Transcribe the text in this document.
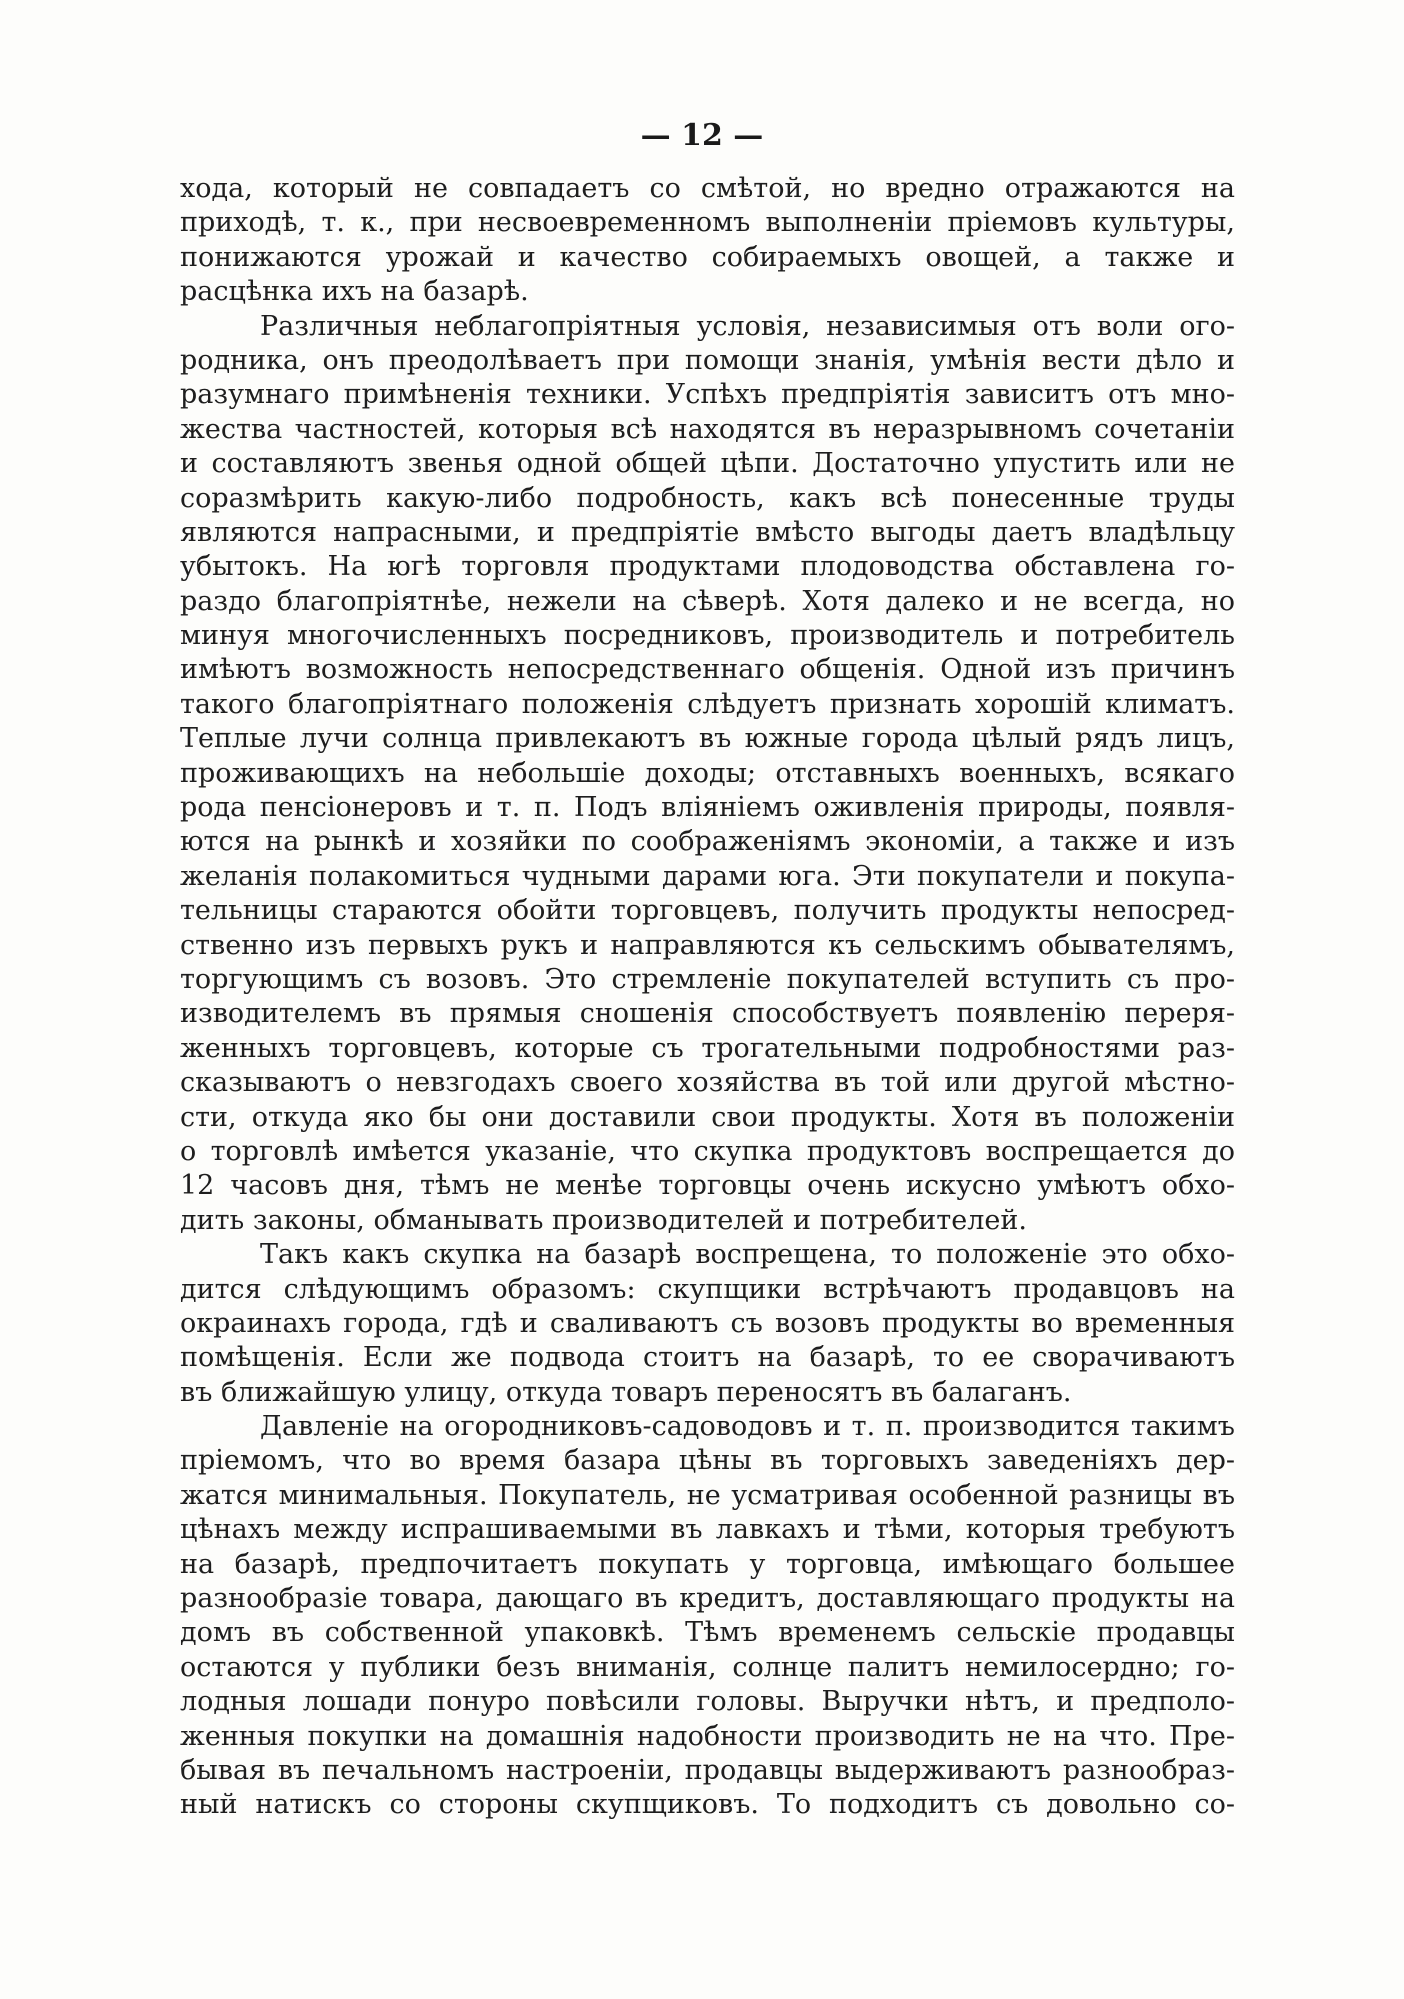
— 12 —
хода, который не совпадаетъ со смѣтой, но вредно отражаются на
приходѣ, т. к., при несвоевременномъ выполненіи пріемовъ культуры,
понижаются урожай и качество собираемыхъ овощей, а также и
расцѣнка ихъ на базарѣ.
Различныя неблагопріятныя условія, независимыя отъ воли ого-
родника, онъ преодолѣваетъ при помощи знанія, умѣнія вести дѣло и
разумнаго примѣненія техники. Успѣхъ предпріятія зависитъ отъ мно-
жества частностей, которыя всѣ находятся въ неразрывномъ сочетаніи
и составляютъ звенья одной общей цѣпи. Достаточно упустить или не
соразмѣрить какую-либо подробность, какъ всѣ понесенные труды
являются напрасными, и предпріятіе вмѣсто выгоды даетъ владѣльцу
убытокъ. На югѣ торговля продуктами плодоводства обставлена го-
раздо благопріятнѣе, нежели на сѣверѣ. Хотя далеко и не всегда, но
минуя многочисленныхъ посредниковъ, производитель и потребитель
имѣютъ возможность непосредственнаго общенія. Одной изъ причинъ
такого благопріятнаго положенія слѣдуетъ признать хорошій климатъ.
Теплые лучи солнца привлекаютъ въ южные города цѣлый рядъ лицъ,
проживающихъ на небольшіе доходы; отставныхъ военныхъ, всякаго
рода пенсіонеровъ и т. п. Подъ вліяніемъ оживленія природы, появля-
ются на рынкѣ и хозяйки по соображеніямъ экономіи, а также и изъ
желанія полакомиться чудными дарами юга. Эти покупатели и покупа-
тельницы стараются обойти торговцевъ, получить продукты непосред-
ственно изъ первыхъ рукъ и направляются къ сельскимъ обывателямъ,
торгующимъ съ возовъ. Это стремленіе покупателей вступить съ про-
изводителемъ въ прямыя сношенія способствуетъ появленію переря-
женныхъ торговцевъ, которые съ трогательными подробностями раз-
сказываютъ о невзгодахъ своего хозяйства въ той или другой мѣстно-
сти, откуда яко бы они доставили свои продукты. Хотя въ положеніи
о торговлѣ имѣется указаніе, что скупка продуктовъ воспрещается до
12 часовъ дня, тѣмъ не менѣе торговцы очень искусно умѣютъ обхо-
дить законы, обманывать производителей и потребителей.
Такъ какъ скупка на базарѣ воспрещена, то положеніе это обхо-
дится слѣдующимъ образомъ: скупщики встрѣчаютъ продавцовъ на
окраинахъ города, гдѣ и сваливаютъ съ возовъ продукты во временныя
помѣщенія. Если же подвода стоитъ на базарѣ, то ее сворачиваютъ
въ ближайшую улицу, откуда товаръ переносятъ въ балаганъ.
Давленіе на огородниковъ-садоводовъ и т. п. производится такимъ
пріемомъ, что во время базара цѣны въ торговыхъ заведеніяхъ дер-
жатся минимальныя. Покупатель, не усматривая особенной разницы въ
цѣнахъ между испрашиваемыми въ лавкахъ и тѣми, которыя требуютъ
на базарѣ, предпочитаетъ покупать у торговца, имѣющаго большее
разнообразіе товара, дающаго въ кредитъ, доставляющаго продукты на
домъ въ собственной упаковкѣ. Тѣмъ временемъ сельскіе продавцы
остаются у публики безъ вниманія, солнце палитъ немилосердно; го-
лодныя лошади понуро повѣсили головы. Выручки нѣтъ, и предполо-
женныя покупки на домашнія надобности производить не на что. Пре-
бывая въ печальномъ настроеніи, продавцы выдерживаютъ разнообраз-
ный натискъ со стороны скупщиковъ. То подходитъ съ довольно со-
